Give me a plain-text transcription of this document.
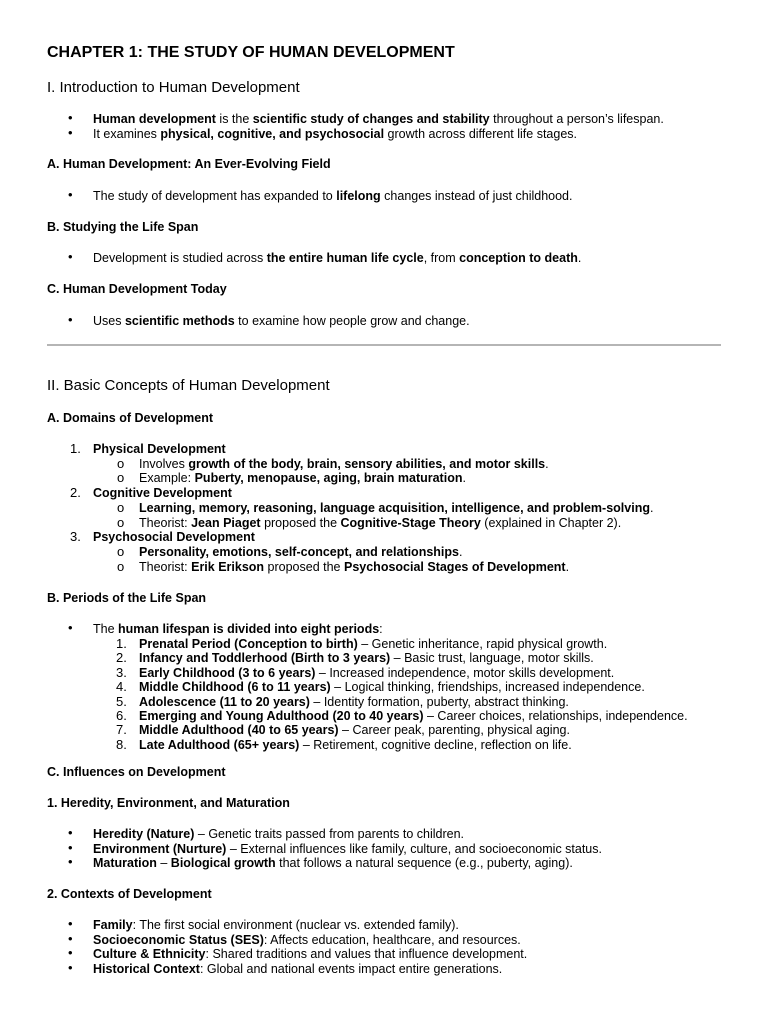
CHAPTER 1: THE STUDY OF HUMAN DEVELOPMENT
I. Introduction to Human Development
• Human development is the scientific study of changes and stability throughout a person’s lifespan.
• It examines physical, cognitive, and psychosocial growth across different life stages.
A. Human Development: An Ever-Evolving Field
• The study of development has expanded to lifelong changes instead of just childhood.
B. Studying the Life Span
• Development is studied across the entire human life cycle, from conception to death.
C. Human Development Today
• Uses scientific methods to examine how people grow and change.
II. Basic Concepts of Human Development
A. Domains of Development
1. Physical Development
o Involves growth of the body, brain, sensory abilities, and motor skills.
o Example: Puberty, menopause, aging, brain maturation.
2. Cognitive Development
o Learning, memory, reasoning, language acquisition, intelligence, and problem-solving.
o Theorist: Jean Piaget proposed the Cognitive-Stage Theory (explained in Chapter 2).
3. Psychosocial Development
o Personality, emotions, self-concept, and relationships.
o Theorist: Erik Erikson proposed the Psychosocial Stages of Development.
B. Periods of the Life Span
• The human lifespan is divided into eight periods:
1. Prenatal Period (Conception to birth) – Genetic inheritance, rapid physical growth.
2. Infancy and Toddlerhood (Birth to 3 years) – Basic trust, language, motor skills.
3. Early Childhood (3 to 6 years) – Increased independence, motor skills development.
4. Middle Childhood (6 to 11 years) – Logical thinking, friendships, increased independence.
5. Adolescence (11 to 20 years) – Identity formation, puberty, abstract thinking.
6. Emerging and Young Adulthood (20 to 40 years) – Career choices, relationships, independence.
7. Middle Adulthood (40 to 65 years) – Career peak, parenting, physical aging.
8. Late Adulthood (65+ years) – Retirement, cognitive decline, reflection on life.
C. Influences on Development
1. Heredity, Environment, and Maturation
• Heredity (Nature) – Genetic traits passed from parents to children.
• Environment (Nurture) – External influences like family, culture, and socioeconomic status.
• Maturation – Biological growth that follows a natural sequence (e.g., puberty, aging).
2. Contexts of Development
• Family: The first social environment (nuclear vs. extended family).
• Socioeconomic Status (SES): Affects education, healthcare, and resources.
• Culture & Ethnicity: Shared traditions and values that influence development.
• Historical Context: Global and national events impact entire generations.
